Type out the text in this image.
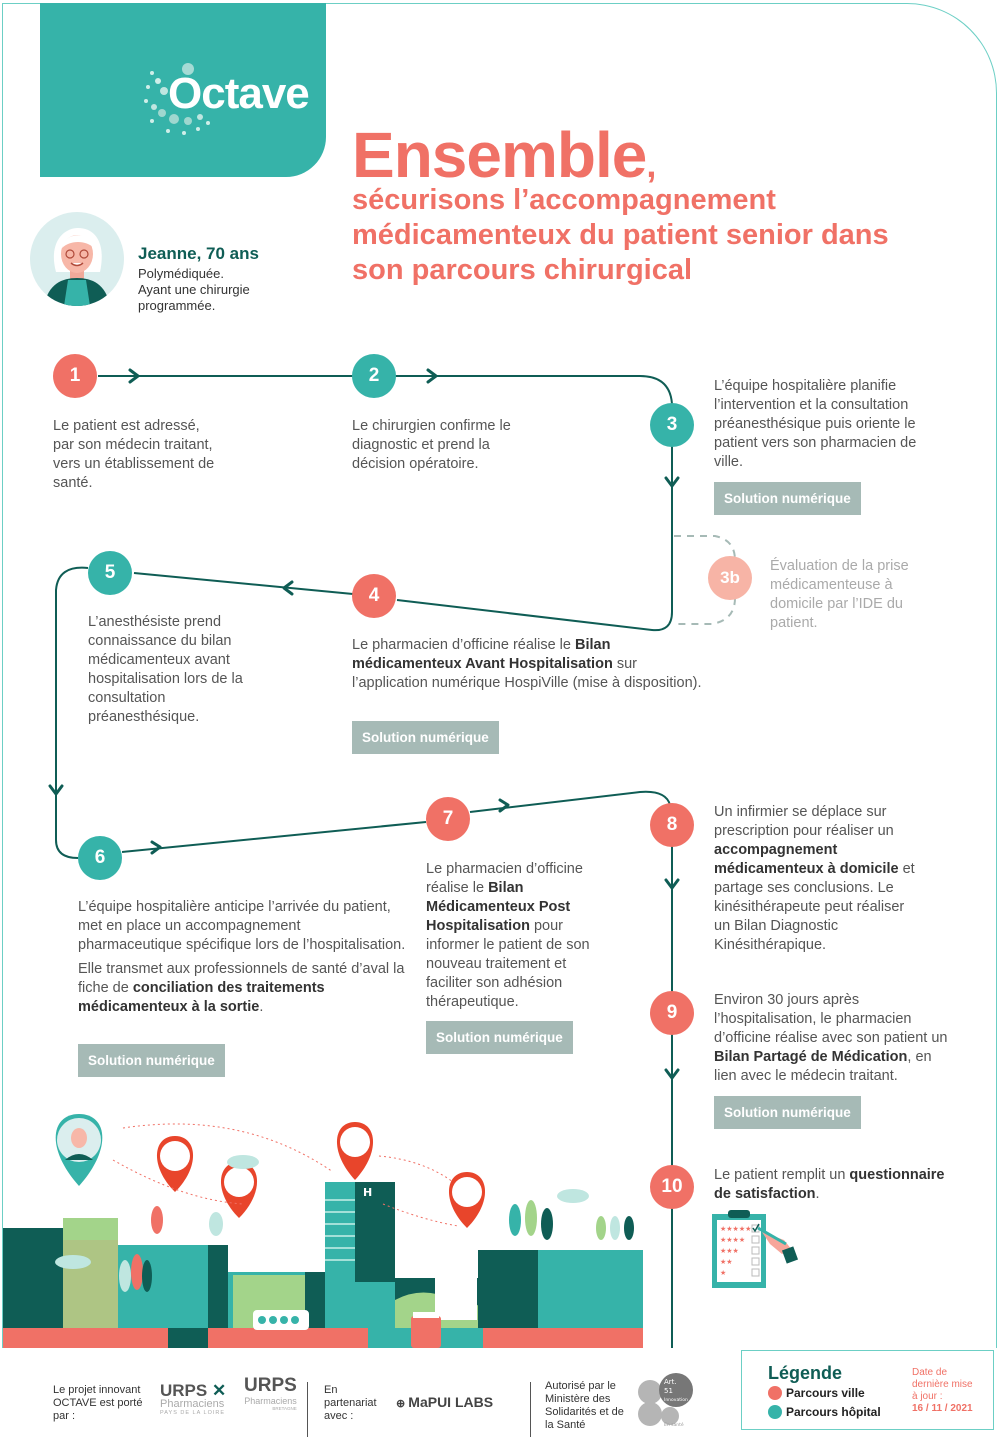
Octave
Ensemble,
sécurisons l’accompagnement médicamenteux du patient senior dans son parcours chirurgical
Jeanne, 70 ans
Polymédiquée.
Ayant une chirurgie programmée.
1
Le patient est adressé, par son médecin traitant, vers un établissement de santé.
2
Le chirurgien confirme le diagnostic et prend la décision opératoire.
3
L’équipe hospitalière planifie l’intervention et la consultation préanesthésique puis oriente le patient vers son pharmacien de ville.
Solution numérique
3b
Évaluation de la prise médicamenteuse à domicile par l’IDE du patient.
4
Le pharmacien d’officine réalise le Bilan médicamenteux Avant Hospitalisation sur l’application numérique HospiVille (mise à disposition).
Solution numérique
5
L’anesthésiste prend connaissance du bilan médicamenteux avant hospitalisation lors de la consultation préanesthésique.
6
L’équipe hospitalière anticipe l’arrivée du patient, met en place un accompagnement pharmaceutique spécifique lors de l’hospitalisation.
Elle transmet aux professionnels de santé d’aval la fiche de conciliation des traitements médicamenteux à la sortie.
Solution numérique
7
Le pharmacien d’officine réalise le Bilan Médicamenteux Post Hospitalisation pour informer le patient de son nouveau traitement et faciliter son adhésion thérapeutique.
Solution numérique
8
Un infirmier se déplace sur prescription pour réaliser un accompagnement médicamenteux à domicile et partage ses conclusions. Le kinésithérapeute peut réaliser un Bilan Diagnostic Kinésithérapique.
9
Environ 30 jours après l’hospitalisation, le pharmacien d’officine réalise avec son patient un Bilan Partagé de Médication, en lien avec le médecin traitant.
Solution numérique
10
Le patient remplit un questionnaire de satisfaction.
★★★★★
★★★★
★★★
★★
★
H
Le projet innovant OCTAVE est porté par :
URPS ✕
Pharmaciens
PAYS DE LA LOIRE
URPS
Pharmaciens
BRETAGNE
En partenariat avec :
⊕ MaPUI LABS
Autorisé par le Ministère des Solidarités et de la Santé
Art.
51
Innovation
En santé
Légende
Parcours ville
Parcours hôpital
Date de dernière mise à jour :
16 / 11 / 2021
